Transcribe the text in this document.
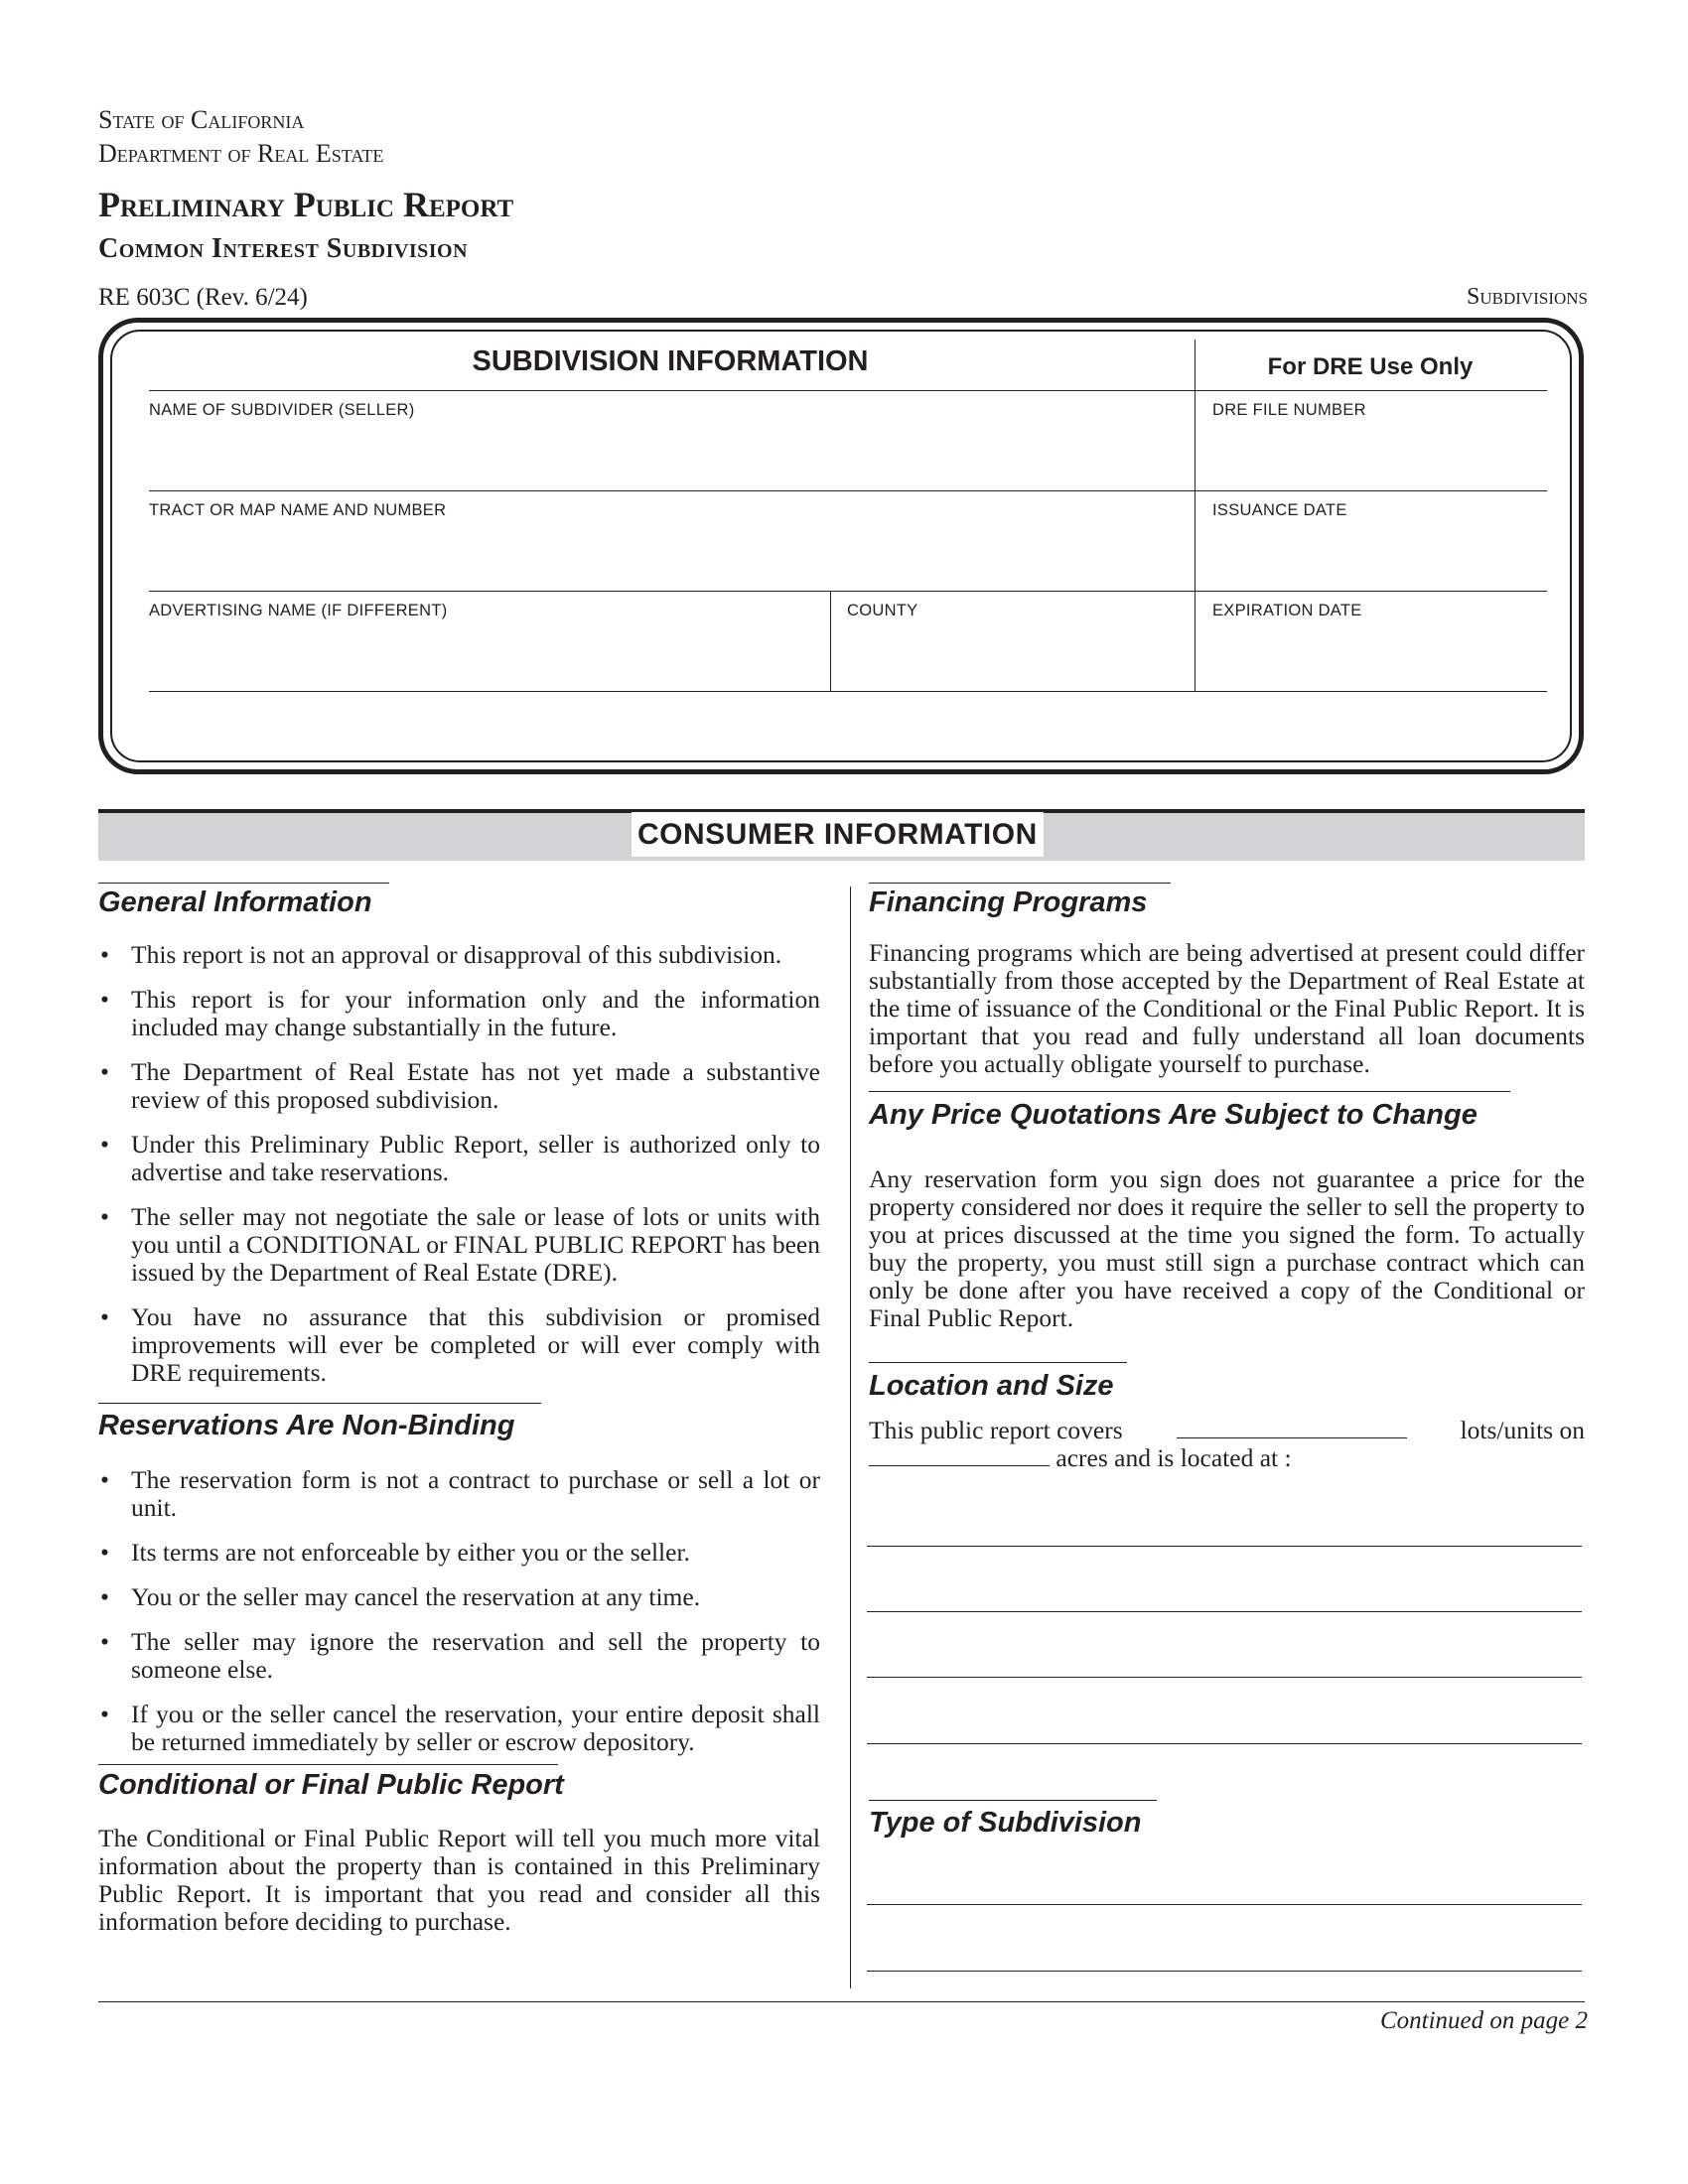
State of California
Department of Real Estate
Preliminary Public Report
Common Interest Subdivision
RE 603C (Rev. 6/24)	Subdivisions
SUBDIVISION INFORMATION	For DRE Use Only
NAME OF SUBDIVIDER (SELLER)	DRE FILE NUMBER
TRACT OR MAP NAME AND NUMBER	ISSUANCE DATE
ADVERTISING NAME (IF DIFFERENT)	COUNTY	EXPIRATION DATE
CONSUMER INFORMATION
General Information
• This report is not an approval or disapproval of this subdivision.
• This report is for your information only and the information included may change substantially in the future.
• The Department of Real Estate has not yet made a substantive review of this proposed subdivision.
• Under this Preliminary Public Report, seller is authorized only to advertise and take reservations.
• The seller may not negotiate the sale or lease of lots or units with you until a CONDITIONAL or FINAL PUBLIC REPORT has been issued by the Department of Real Estate (DRE).
• You have no assurance that this subdivision or promised improvements will ever be completed or will ever comply with DRE requirements.
Reservations Are Non-Binding
• The reservation form is not a contract to purchase or sell a lot or unit.
• Its terms are not enforceable by either you or the seller.
• You or the seller may cancel the reservation at any time.
• The seller may ignore the reservation and sell the property to someone else.
• If you or the seller cancel the reservation, your entire deposit shall be returned immediately by seller or escrow depository.
Conditional or Final Public Report
The Conditional or Final Public Report will tell you much more vital information about the property than is contained in this Preliminary Public Report. It is important that you read and consider all this information before deciding to purchase.
Financing Programs
Financing programs which are being advertised at present could differ substantially from those accepted by the Department of Real Estate at the time of issuance of the Conditional or the Final Public Report. It is important that you read and fully understand all loan documents before you actually obligate yourself to purchase.
Any Price Quotations Are Subject to Change
Any reservation form you sign does not guarantee a price for the property considered nor does it require the seller to sell the property to you at prices discussed at the time you signed the form. To actually buy the property, you must still sign a purchase contract which can only be done after you have received a copy of the Conditional or Final Public Report.
Location and Size
This public report covers	lots/units on
acres and is located at :
Type of Subdivision
Continued on page 2
